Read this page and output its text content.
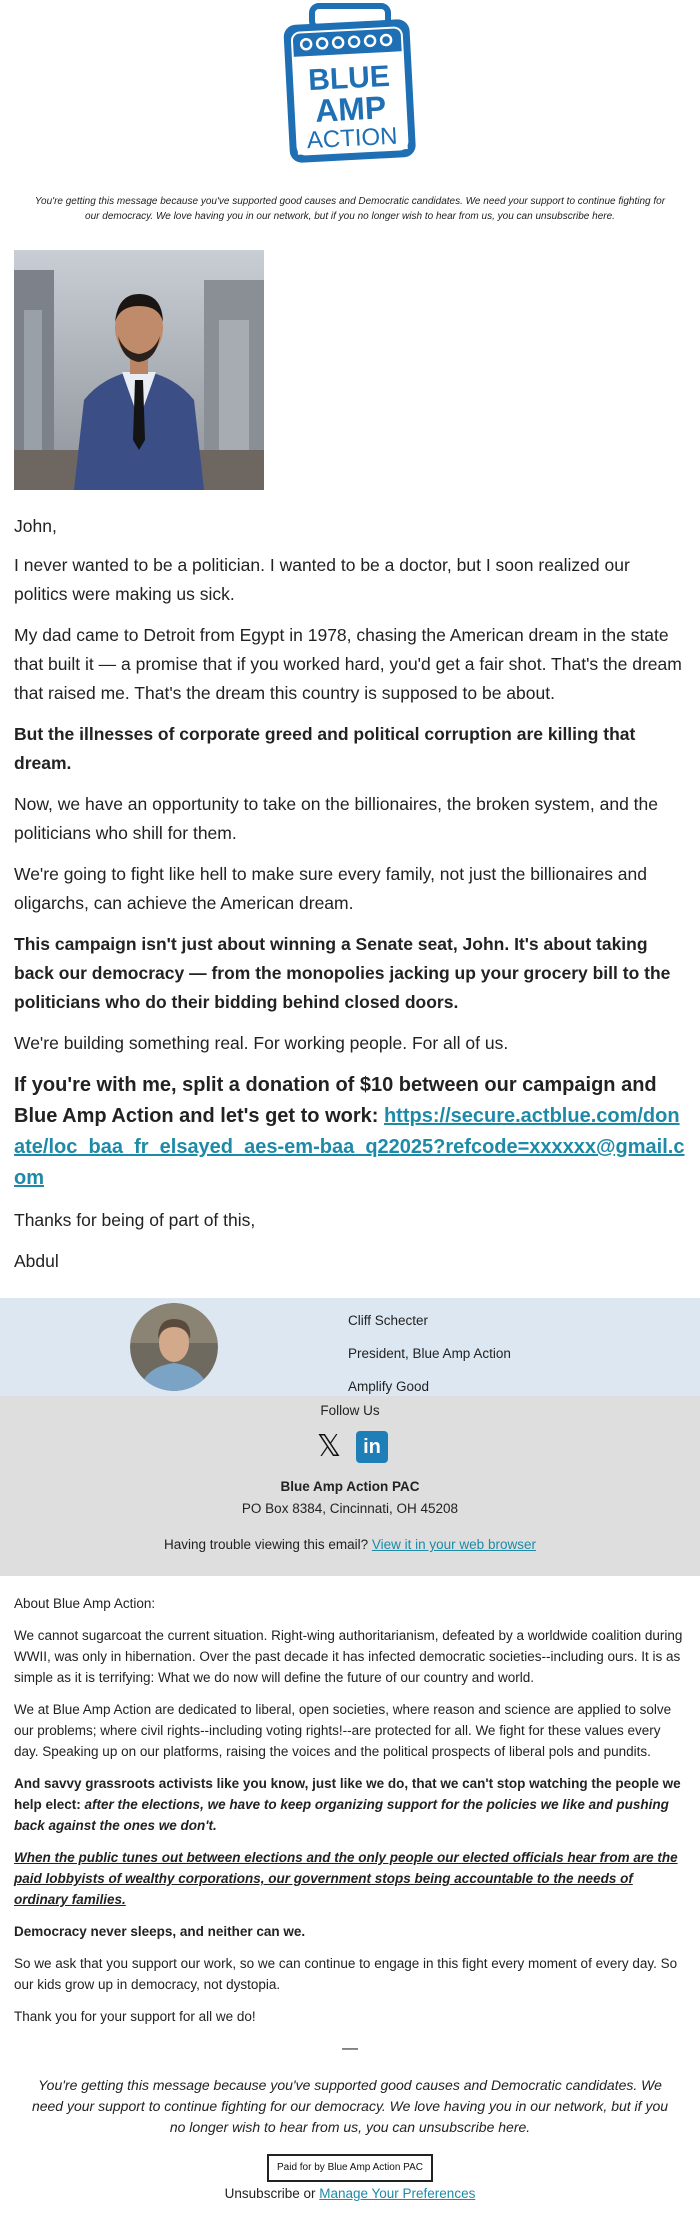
BLUE
AMP
ACTION
You're getting this message because you've supported good causes and Democratic candidates. We need your support to continue fighting for our democracy. We love having you in our network, but if you no longer wish to hear from us, you can unsubscribe here.

John,

I never wanted to be a politician. I wanted to be a doctor, but I soon realized our politics were making us sick.

My dad came to Detroit from Egypt in 1978, chasing the American dream in the state that built it — a promise that if you worked hard, you'd get a fair shot. That's the dream that raised me. That's the dream this country is supposed to be about.

But the illnesses of corporate greed and political corruption are killing that dream.

Now, we have an opportunity to take on the billionaires, the broken system, and the politicians who shill for them.

We're going to fight like hell to make sure every family, not just the billionaires and oligarchs, can achieve the American dream.

This campaign isn't just about winning a Senate seat, John. It's about taking back our democracy — from the monopolies jacking up your grocery bill to the politicians who do their bidding behind closed doors.

We're building something real. For working people. For all of us.

If you're with me, split a donation of $10 between our campaign and Blue Amp Action and let's get to work: https://secure.actblue.com/donate/loc_baa_fr_elsayed_aes-em-baa_q22025?refcode=xxxxxx@gmail.com

Thanks for being of part of this,

Abdul

Cliff Schecter
President, Blue Amp Action
Amplify Good
Follow Us
𝕏	in
Blue Amp Action PAC
PO Box 8384, Cincinnati, OH 45208
Having trouble viewing this email? View it in your web browser

About Blue Amp Action:

We cannot sugarcoat the current situation. Right-wing authoritarianism, defeated by a worldwide coalition during WWII, was only in hibernation. Over the past decade it has infected democratic societies--including ours. It is as simple as it is terrifying: What we do now will define the future of our country and world.

We at Blue Amp Action are dedicated to liberal, open societies, where reason and science are applied to solve our problems; where civil rights--including voting rights!--are protected for all. We fight for these values every day. Speaking up on our platforms, raising the voices and the political prospects of liberal pols and pundits.

And savvy grassroots activists like you know, just like we do, that we can't stop watching the people we help elect: after the elections, we have to keep organizing support for the policies we like and pushing back against the ones we don't.

When the public tunes out between elections and the only people our elected officials hear from are the paid lobbyists of wealthy corporations, our government stops being accountable to the needs of ordinary families.

Democracy never sleeps, and neither can we.

So we ask that you support our work, so we can continue to engage in this fight every moment of every day. So our kids grow up in democracy, not dystopia.

Thank you for your support for all we do!

—
You're getting this message because you've supported good causes and Democratic candidates. We need your support to continue fighting for our democracy. We love having you in our network, but if you no longer wish to hear from us, you can unsubscribe here.
Paid for by Blue Amp Action PAC
Unsubscribe or Manage Your Preferences
